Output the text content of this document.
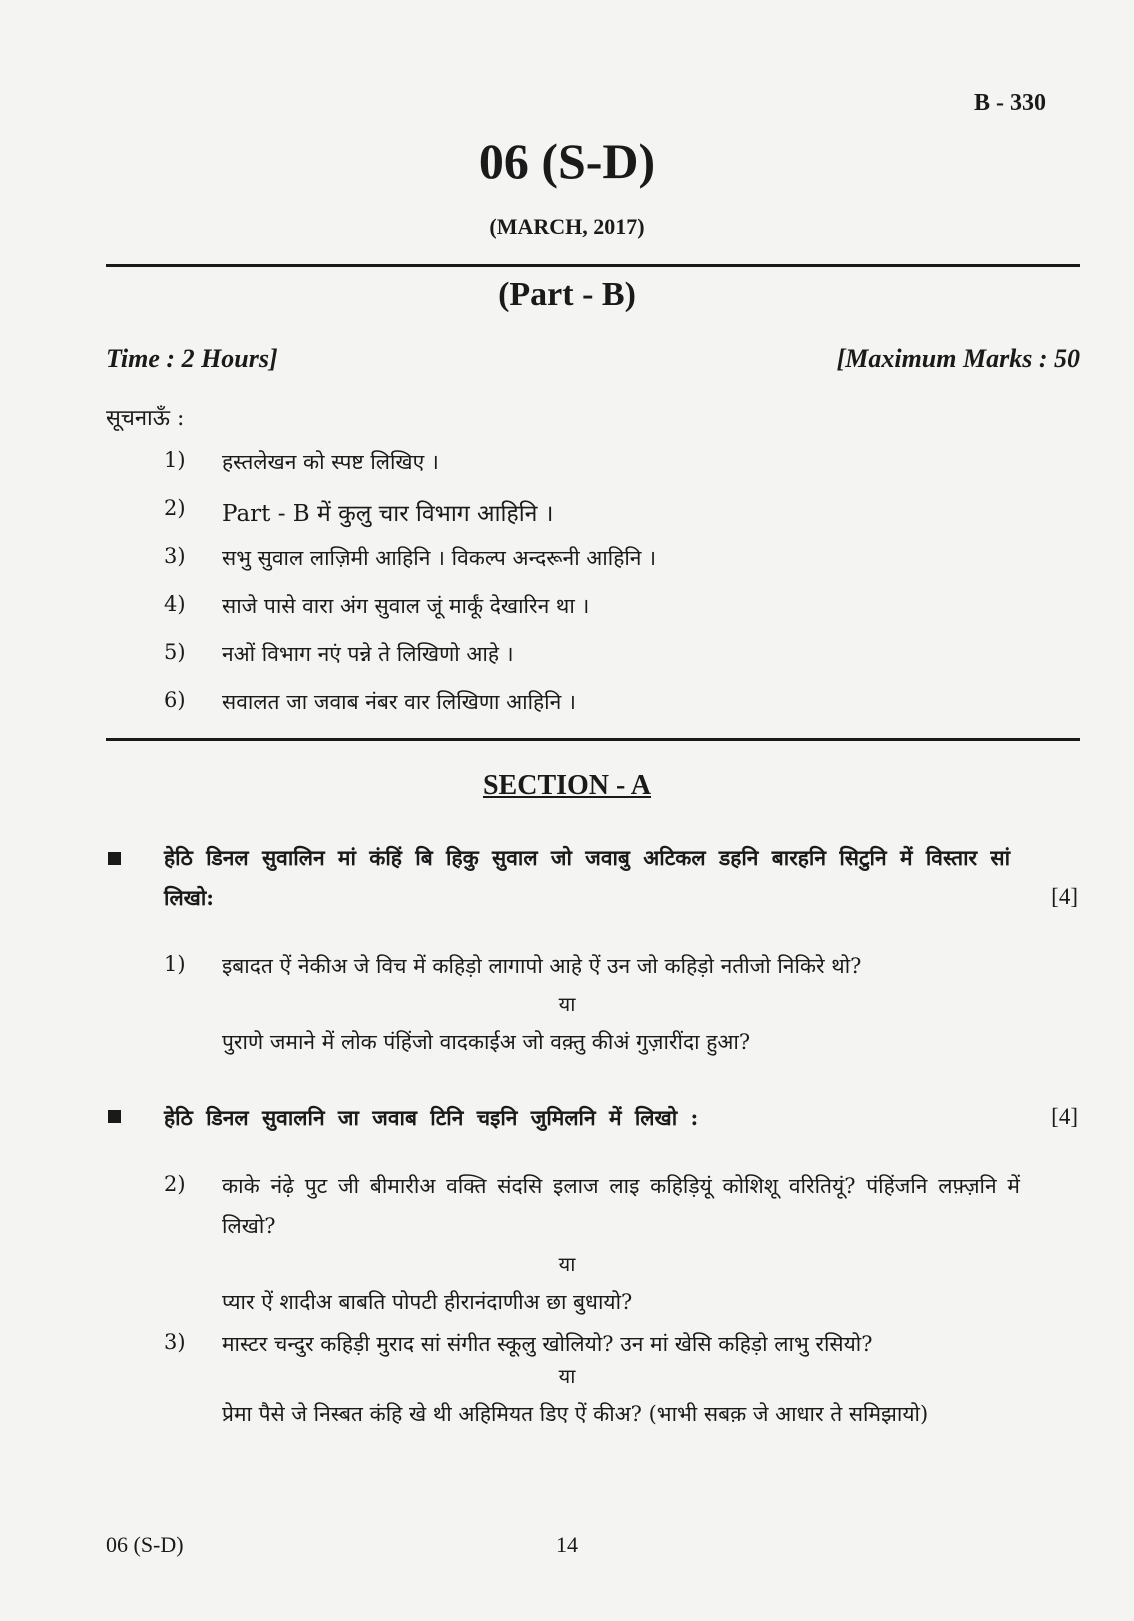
B - 330
06 (S-D)
(MARCH, 2017)
(Part - B)
Time : 2 Hours]	[Maximum Marks : 50
सूचनाऊँ :
1)	हस्तलेखन को स्पष्ट लिखिए ।
2)	Part - B में कुलु चार विभाग आहिनि ।
3)	सभु सुवाल लाज़िमी आहिनि । विकल्प अन्दरूनी आहिनि ।
4)	साजे पासे वारा अंग सुवाल जूं मार्कूं देखारिन था ।
5)	नओं विभाग नएं पन्ने ते लिखिणो आहे ।
6)	सवालत जा जवाब नंबर वार लिखिणा आहिनि ।
SECTION - A
हेठि डिनल सुवालिन मां कंहिं बि हिकु सुवाल जो जवाबु अटिकल डहनि बारहनि सिटुनि में विस्तार सां लिखो:	[4]
1) इबादत ऐं नेकीअ जे विच में कहिड़ो लागापो आहे ऐं उन जो कहिड़ो नतीजो निकिरे थो?
या
पुराणे जमाने में लोक पंहिंजो वादकाईअ जो वक़्तु कीअं गुज़ारींदा हुआ?
हेठि डिनल सुवालनि जा जवाब टिनि चइनि जुमिलनि में लिखो :	[4]
2) काके नंढ़े पुट जी बीमारीअ वक्ति संदसि इलाज लाइ कहिड़ियूं कोशिशू वरितियूं? पंहिंजनि लफ़्ज़नि में लिखो?
या
प्यार ऐं शादीअ बाबति पोपटी हीरानंदाणीअ छा बुधायो?
3) मास्टर चन्दुर कहिड़ी मुराद सां संगीत स्कूलु खोलियो? उन मां खेसि कहिड़ो लाभु रसियो?
या
प्रेमा पैसे जे निस्बत कंहि खे थी अहिमियत डिए ऐं कीअ? (भाभी सबक़ जे आधार ते समिझायो)
06 (S-D)	14
